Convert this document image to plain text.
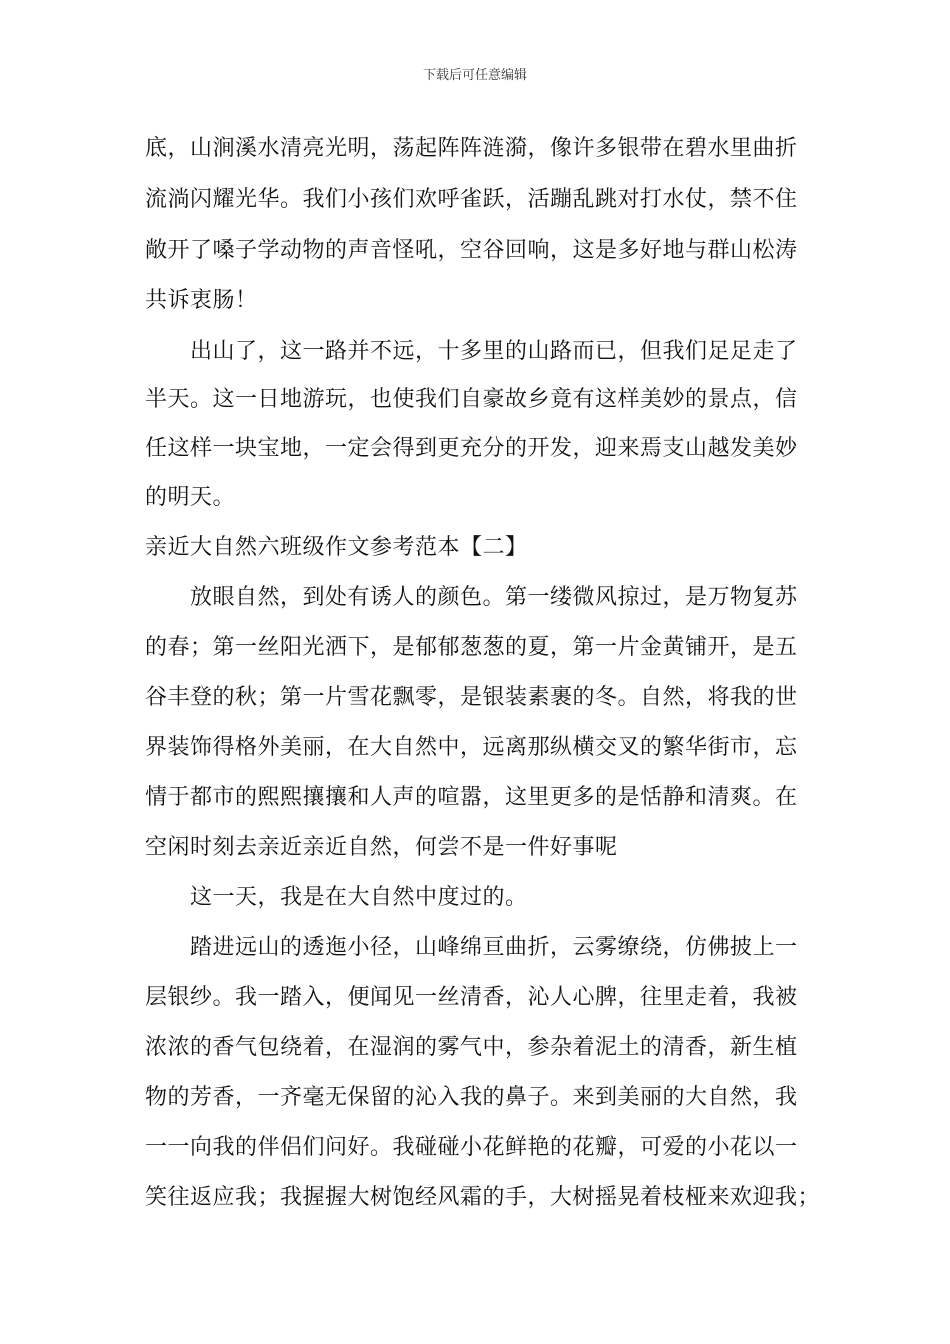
下载后可任意编辑
底，山涧溪水清亮光明，荡起阵阵涟漪，像许多银带在碧水里曲折
流淌闪耀光华。我们小孩们欢呼雀跃，活蹦乱跳对打水仗，禁不住
敞开了嗓子学动物的声音怪吼，空谷回响，这是多好地与群山松涛
共诉衷肠！
出山了，这一路并不远，十多里的山路而已，但我们足足走了
半天。这一日地游玩，也使我们自豪故乡竟有这样美妙的景点，信
任这样一块宝地，一定会得到更充分的开发，迎来焉支山越发美妙
的明天。
亲近大自然六班级作文参考范本【二】
放眼自然，到处有诱人的颜色。第一缕微风掠过，是万物复苏
的春；第一丝阳光洒下，是郁郁葱葱的夏，第一片金黄铺开，是五
谷丰登的秋；第一片雪花飘零，是银装素裹的冬。自然，将我的世
界装饰得格外美丽，在大自然中，远离那纵横交叉的繁华街市，忘
情于都市的熙熙攘攘和人声的喧嚣，这里更多的是恬静和清爽。在
空闲时刻去亲近亲近自然，何尝不是一件好事呢
这一天，我是在大自然中度过的。
踏进远山的透迤小径，山峰绵亘曲折，云雾缭绕，仿佛披上一
层银纱。我一踏入，便闻见一丝清香，沁人心脾，往里走着，我被
浓浓的香气包绕着，在湿润的雾气中，参杂着泥土的清香，新生植
物的芳香，一齐毫无保留的沁入我的鼻子。来到美丽的大自然，我
一一向我的伴侣们问好。我碰碰小花鲜艳的花瓣，可爱的小花以一
笑往返应我；我握握大树饱经风霜的手，大树摇晃着枝桠来欢迎我；
